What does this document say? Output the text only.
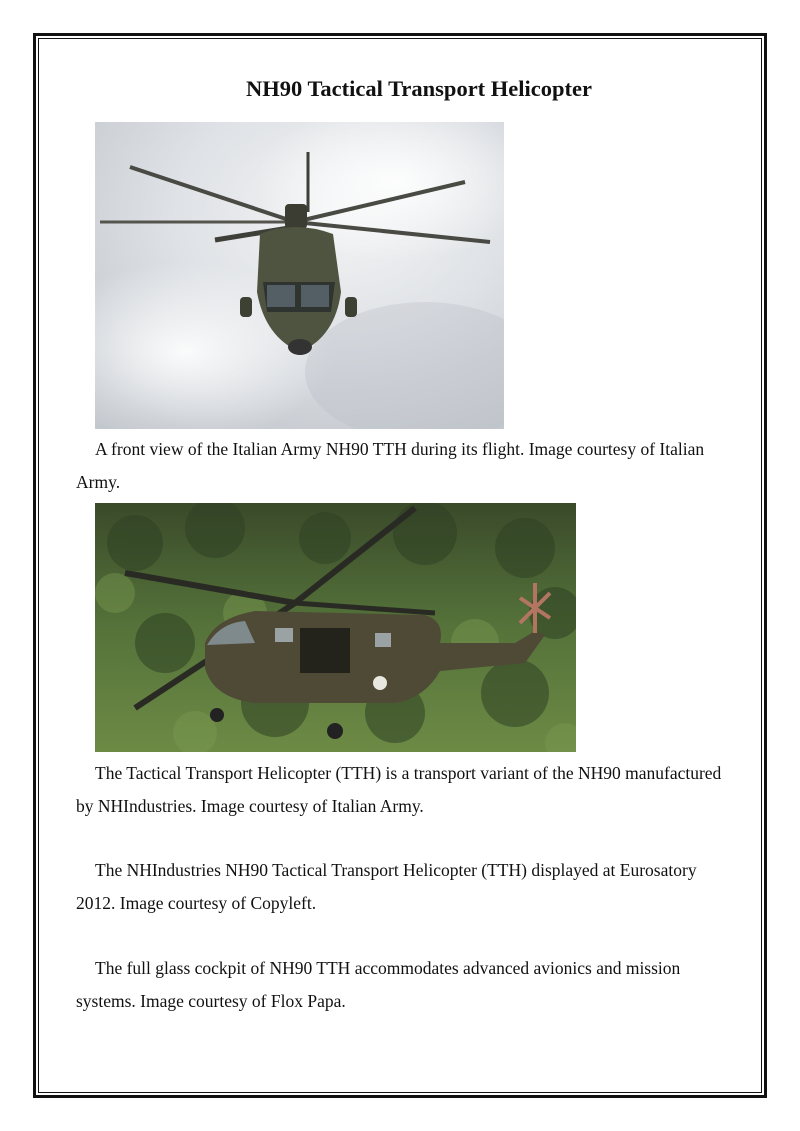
NH90 Tactical Transport Helicopter

A front view of the Italian Army NH90 TTH during its flight. Image courtesy of Italian Army.

The Tactical Transport Helicopter (TTH) is a transport variant of the NH90 manufactured by NHIndustries. Image courtesy of Italian Army.

The NHIndustries NH90 Tactical Transport Helicopter (TTH) displayed at Eurosatory 2012. Image courtesy of Copyleft.

The full glass cockpit of NH90 TTH accommodates advanced avionics and mission systems. Image courtesy of Flox Papa.
